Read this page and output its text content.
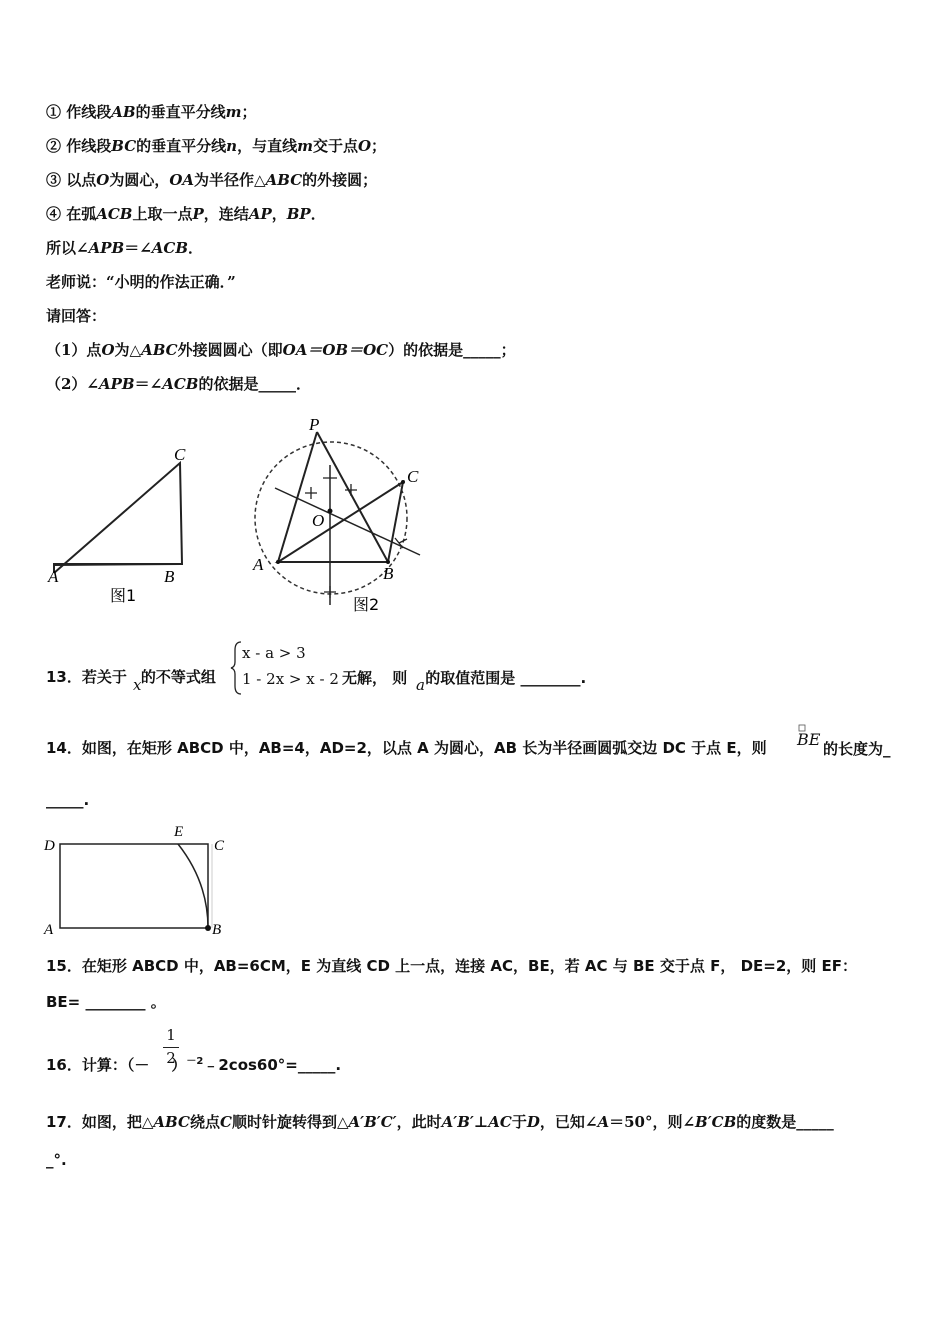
① 作线段AB的垂直平分线m；
② 作线段BC的垂直平分线n，与直线m交于点O；
③ 以点O为圆心，OA为半径作△ABC的外接圆；
④ 在弧ACB上取一点P，连结AP，BP．
所以∠APB＝∠ACB．
老师说：“小明的作法正确．”
请回答：
（1）点O为△ABC外接圆圆心（即OA＝OB＝OC）的依据是_____；
（2）∠APB＝∠ACB的依据是_____．
A	B
C
图1
P
C
O
A	B
图2
13．若关于 的不等式组
x
x - a > 3
1 - 2x > x - 2 无解， 则 的取值范围是 ________.
a
14．如图，在矩形 ABCD 中，AB=4，AD=2，以点 A 为圆心，AB 长为半径画圆弧交边 DC 于点 E，则 BE 的长度为_
_____.
D
E
C
A	B
15．在矩形 ABCD 中，AB=6CM，E 为直线 CD 上一点，连接 AC，BE，若 AC 与 BE 交于点 F， DE=2，则 EF：
BE= ________ 。
16．计算：（－ ）$^{-2}$﹣2cos60°=_____.
1
2
17．如图，把△ABC绕点C顺时针旋转得到△A′B′C′，此时A′B′⊥AC于D，已知∠A＝50°，则∠B′CB的度数是_____
_°.
